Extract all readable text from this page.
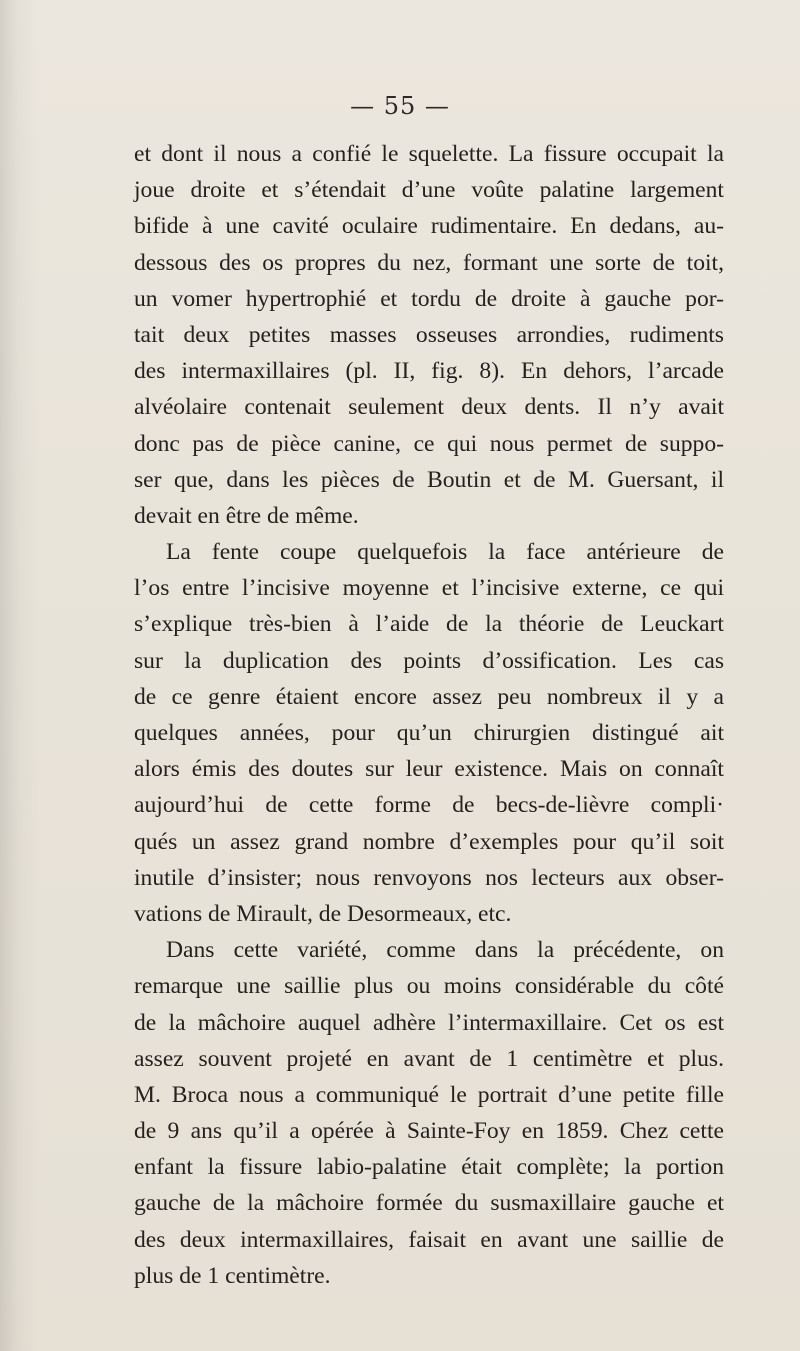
— 55 —
et dont il nous a confié le squelette. La fissure occupait la
joue droite et s’étendait d’une voûte palatine largement
bifide à une cavité oculaire rudimentaire. En dedans, au-
dessous des os propres du nez, formant une sorte de toit,
un vomer hypertrophié et tordu de droite à gauche por-
tait deux petites masses osseuses arrondies, rudiments
des intermaxillaires (pl. II, fig. 8). En dehors, l’arcade
alvéolaire contenait seulement deux dents. Il n’y avait
donc pas de pièce canine, ce qui nous permet de suppo-
ser que, dans les pièces de Boutin et de M. Guersant, il
devait en être de même.
La fente coupe quelquefois la face antérieure de
l’os entre l’incisive moyenne et l’incisive externe, ce qui
s’explique très-bien à l’aide de la théorie de Leuckart
sur la duplication des points d’ossification. Les cas
de ce genre étaient encore assez peu nombreux il y a
quelques années, pour qu’un chirurgien distingué ait
alors émis des doutes sur leur existence. Mais on connaît
aujourd’hui de cette forme de becs-de-lièvre compli·
qués un assez grand nombre d’exemples pour qu’il soit
inutile d’insister; nous renvoyons nos lecteurs aux obser-
vations de Mirault, de Desormeaux, etc.
Dans cette variété, comme dans la précédente, on
remarque une saillie plus ou moins considérable du côté
de la mâchoire auquel adhère l’intermaxillaire. Cet os est
assez souvent projeté en avant de 1 centimètre et plus.
M. Broca nous a communiqué le portrait d’une petite fille
de 9 ans qu’il a opérée à Sainte-Foy en 1859. Chez cette
enfant la fissure labio-palatine était complète; la portion
gauche de la mâchoire formée du susmaxillaire gauche et
des deux intermaxillaires, faisait en avant une saillie de
plus de 1 centimètre.
